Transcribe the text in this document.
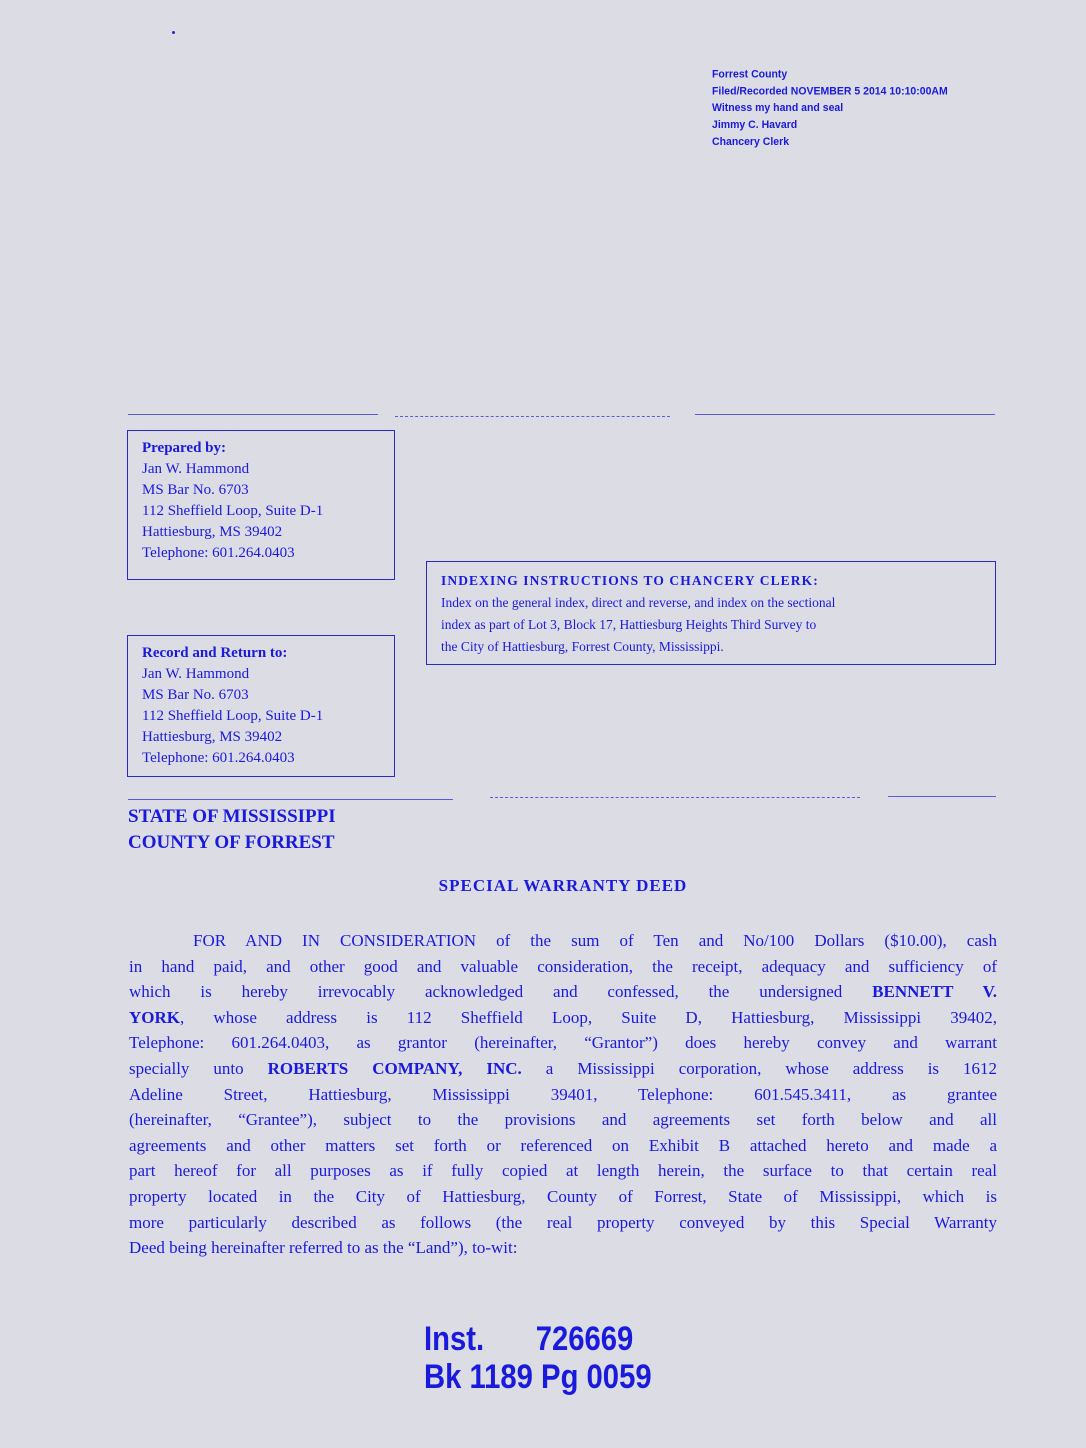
Forrest County
Filed/Recorded NOVEMBER 5 2014 10:10:00AM
Witness my hand and seal
Jimmy C. Havard
Chancery Clerk
Prepared by:
Jan W. Hammond
MS Bar No. 6703
112 Sheffield Loop, Suite D-1
Hattiesburg, MS 39402
Telephone: 601.264.0403
INDEXING INSTRUCTIONS TO CHANCERY CLERK:
Index on the general index, direct and reverse, and index on the sectional
index as part of Lot 3, Block 17, Hattiesburg Heights Third Survey to
the City of Hattiesburg, Forrest County, Mississippi.
Record and Return to:
Jan W. Hammond
MS Bar No. 6703
112 Sheffield Loop, Suite D-1
Hattiesburg, MS 39402
Telephone: 601.264.0403
STATE OF MISSISSIPPI
COUNTY OF FORREST
SPECIAL WARRANTY DEED
FOR AND IN CONSIDERATION of the sum of Ten and No/100 Dollars ($10.00), cash
in hand paid, and other good and valuable consideration, the receipt, adequacy and sufficiency of
which is hereby irrevocably acknowledged and confessed, the undersigned BENNETT V.
YORK, whose address is 112 Sheffield Loop, Suite D, Hattiesburg, Mississippi 39402,
Telephone: 601.264.0403, as grantor (hereinafter, “Grantor”) does hereby convey and warrant
specially unto ROBERTS COMPANY, INC. a Mississippi corporation, whose address is 1612
Adeline Street, Hattiesburg, Mississippi 39401, Telephone: 601.545.3411, as grantee
(hereinafter, “Grantee”), subject to the provisions and agreements set forth below and all
agreements and other matters set forth or referenced on Exhibit B attached hereto and made a
part hereof for all purposes as if fully copied at length herein, the surface to that certain real
property located in the City of Hattiesburg, County of Forrest, State of Mississippi, which is
more particularly described as follows (the real property conveyed by this Special Warranty
Deed being hereinafter referred to as the “Land”), to-wit:
Inst. 726669
Bk 1189 Pg 0059
